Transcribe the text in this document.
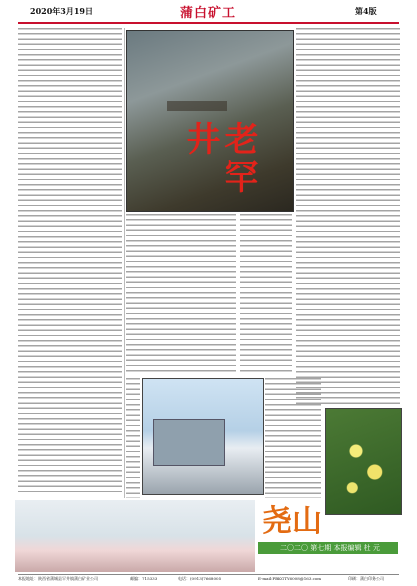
2020年3月19日	蒲白矿工	第4版
老罕井
尧山
二〇二〇 第七期 本报编辑 杜 元
本报地址：陕西省蒲城县罕井镇蒲白矿业公司	邮编：715333	电话：(0913)7668005	E-mail:PBKGTY6008@163.com	印刷：蒲白印务公司
